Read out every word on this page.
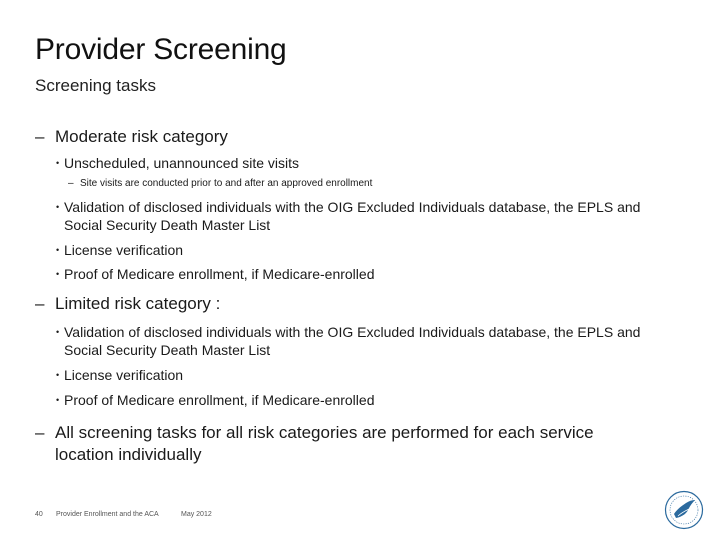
Provider Screening
Screening tasks
– Moderate risk category
• Unscheduled, unannounced site visits
– Site visits are conducted prior to and after an approved enrollment
• Validation of disclosed individuals with the OIG Excluded Individuals database, the EPLS and Social Security Death Master List
• License verification
• Proof of Medicare enrollment, if Medicare-enrolled
– Limited risk category :
• Validation of disclosed individuals with the OIG Excluded Individuals database, the EPLS and Social Security Death Master List
• License verification
• Proof of Medicare enrollment, if Medicare-enrolled
– All screening tasks for all risk categories are performed for each service location individually
40 Provider Enrollment and the ACA	May 2012
